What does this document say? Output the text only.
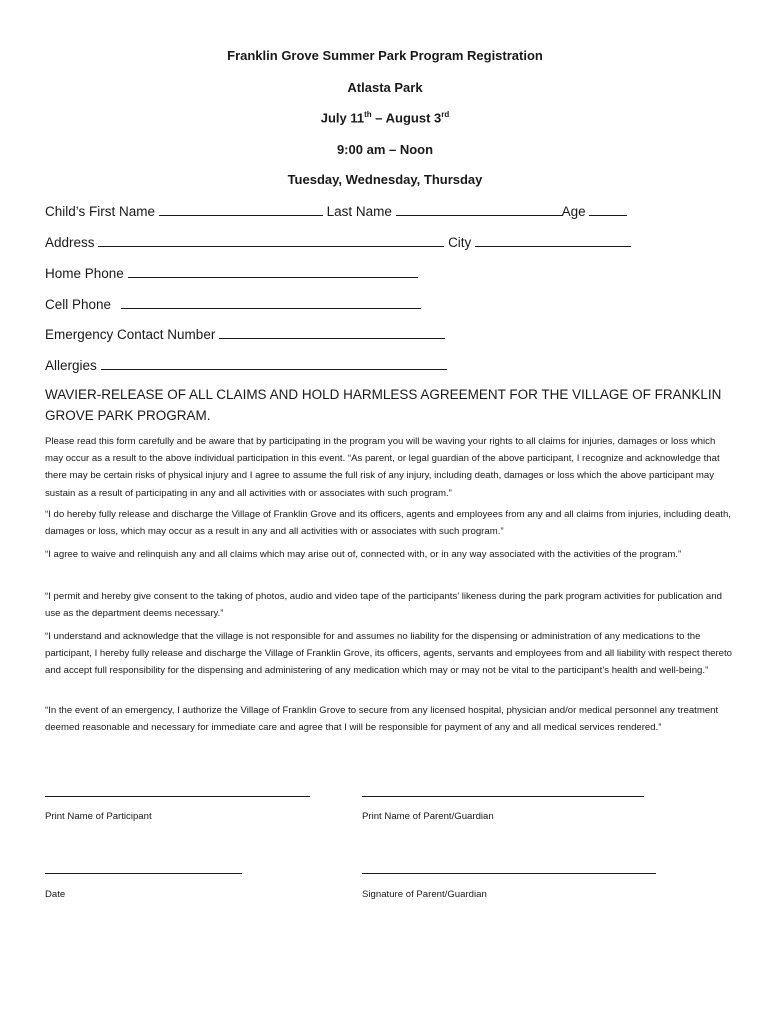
Franklin Grove Summer Park Program Registration
Atlasta Park
July 11th – August 3rd
9:00 am – Noon
Tuesday, Wednesday, Thursday
Child’s First Name	Last Name	Age
Address	City
Home Phone
Cell Phone
Emergency Contact Number
Allergies
WAVIER-RELEASE OF ALL CLAIMS AND HOLD HARMLESS AGREEMENT FOR THE VILLAGE OF FRANKLIN GROVE PARK PROGRAM.
Please read this form carefully and be aware that by participating in the program you will be waving your rights to all claims for injuries, damages or loss which may occur as a result to the above individual participation in this event. “As parent, or legal guardian of the above participant, I recognize and acknowledge that there may be certain risks of physical injury and I agree to assume the full risk of any injury, including death, damages or loss which the above participant may sustain as a result of participating in any and all activities with or associates with such program.”
“I do hereby fully release and discharge the Village of Franklin Grove and its officers, agents and employees from any and all claims from injuries, including death, damages or loss, which may occur as a result in any and all activities with or associates with such program.”
“I agree to waive and relinquish any and all claims which may arise out of, connected with, or in any way associated with the activities of the program.”
“I permit and hereby give consent to the taking of photos, audio and video tape of the participants’ likeness during the park program activities for publication and use as the department deems necessary.”
“I understand and acknowledge that the village is not responsible for and assumes no liability for the dispensing or administration of any medications to the participant, I hereby fully release and discharge the Village of Franklin Grove, its officers, agents, servants and employees from and all liability with respect thereto and accept full responsibility for the dispensing and administering of any medication which may or may not be vital to the participant’s health and well-being.”
“In the event of an emergency, I authorize the Village of Franklin Grove to secure from any licensed hospital, physician and/or medical personnel any treatment deemed reasonable and necessary for immediate care and agree that I will be responsible for payment of any and all medical services rendered.”
Print Name of Participant	Print Name of Parent/Guardian
Date	Signature of Parent/Guardian
